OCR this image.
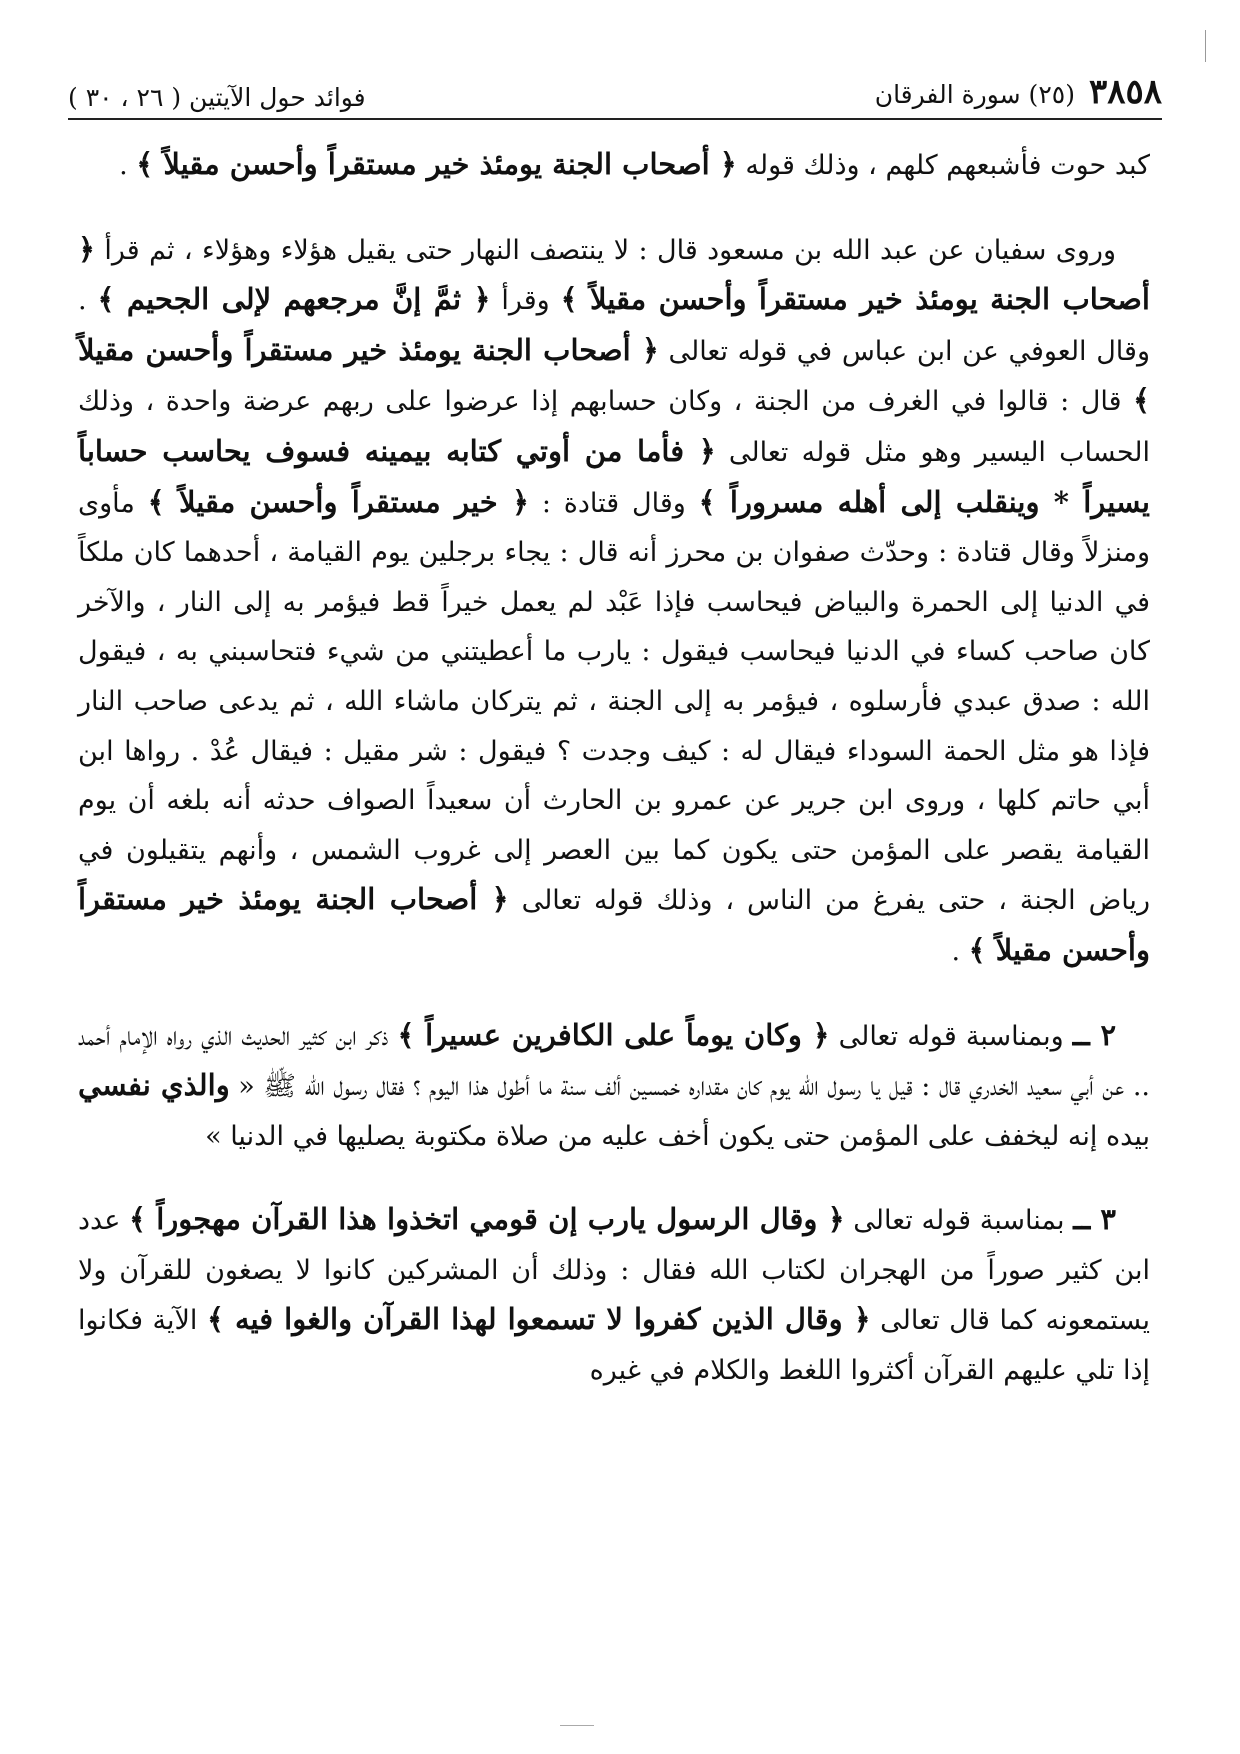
٣٨٥٨
(٢٥) سورة الفرقان
فوائد حول الآيتين ( ٢٦ ، ٣٠ )

كبد حوت فأشبعهم كلهم ، وذلك قوله ﴿ أصحاب الجنة يومئذ خير مستقراً وأحسن مقيلاً ﴾ .

وروى سفيان عن عبد الله بن مسعود قال : لا ينتصف النهار حتى يقيل هؤلاء وهؤلاء ، ثم قرأ ﴿ أصحاب الجنة يومئذ خير مستقراً وأحسن مقيلاً ﴾ وقرأ ﴿ ثمَّ إنَّ مرجعهم لإلى الجحيم ﴾ . وقال العوفي عن ابن عباس في قوله تعالى ﴿ أصحاب الجنة يومئذ خير مستقراً وأحسن مقيلاً ﴾ قال : قالوا في الغرف من الجنة ، وكان حسابهم إذا عرضوا على ربهم عرضة واحدة ، وذلك الحساب اليسير وهو مثل قوله تعالى ﴿ فأما من أوتي كتابه بيمينه فسوف يحاسب حساباً يسيراً * وينقلب إلى أهله مسروراً ﴾ وقال قتادة : ﴿ خير مستقراً وأحسن مقيلاً ﴾ مأوى ومنزلاً وقال قتادة : وحدّث صفوان بن محرز أنه قال : يجاء برجلين يوم القيامة ، أحدهما كان ملكاً في الدنيا إلى الحمرة والبياض فيحاسب فإذا عَبْد لم يعمل خيراً قط فيؤمر به إلى النار ، والآخر كان صاحب كساء في الدنيا فيحاسب فيقول : يارب ما أعطيتني من شيء فتحاسبني به ، فيقول الله : صدق عبدي فأرسلوه ، فيؤمر به إلى الجنة ، ثم يتركان ماشاء الله ، ثم يدعى صاحب النار فإذا هو مثل الحمة السوداء فيقال له : كيف وجدت ؟ فيقول : شر مقيل : فيقال عُدْ . رواها ابن أبي حاتم كلها ، وروى ابن جرير عن عمرو بن الحارث أن سعيداً الصواف حدثه أنه بلغه أن يوم القيامة يقصر على المؤمن حتى يكون كما بين العصر إلى غروب الشمس ، وأنهم يتقيلون في رياض الجنة ، حتى يفرغ من الناس ، وذلك قوله تعالى ﴿ أصحاب الجنة يومئذ خير مستقراً وأحسن مقيلاً ﴾ .

٢ ــ وبمناسبة قوله تعالى ﴿ وكان يوماً على الكافرين عسيراً ﴾ ذكر ابن كثير الحديث الذي رواه الإمام أحمد .. عن أبي سعيد الخدري قال : قيل يا رسول الله يوم كان مقداره خمسين ألف سنة ما أطول هذا اليوم ؟ فقال رسول الله ﷺ « والذي نفسي بيده إنه ليخفف على المؤمن حتى يكون أخف عليه من صلاة مكتوبة يصليها في الدنيا »

٣ ــ بمناسبة قوله تعالى ﴿ وقال الرسول يارب إن قومي اتخذوا هذا القرآن مهجوراً ﴾ عدد ابن كثير صوراً من الهجران لكتاب الله فقال : وذلك أن المشركين كانوا لا يصغون للقرآن ولا يستمعونه كما قال تعالى ﴿ وقال الذين كفروا لا تسمعوا لهذا القرآن والغوا فيه ﴾ الآية فكانوا إذا تلي عليهم القرآن أكثروا اللغط والكلام في غيره
